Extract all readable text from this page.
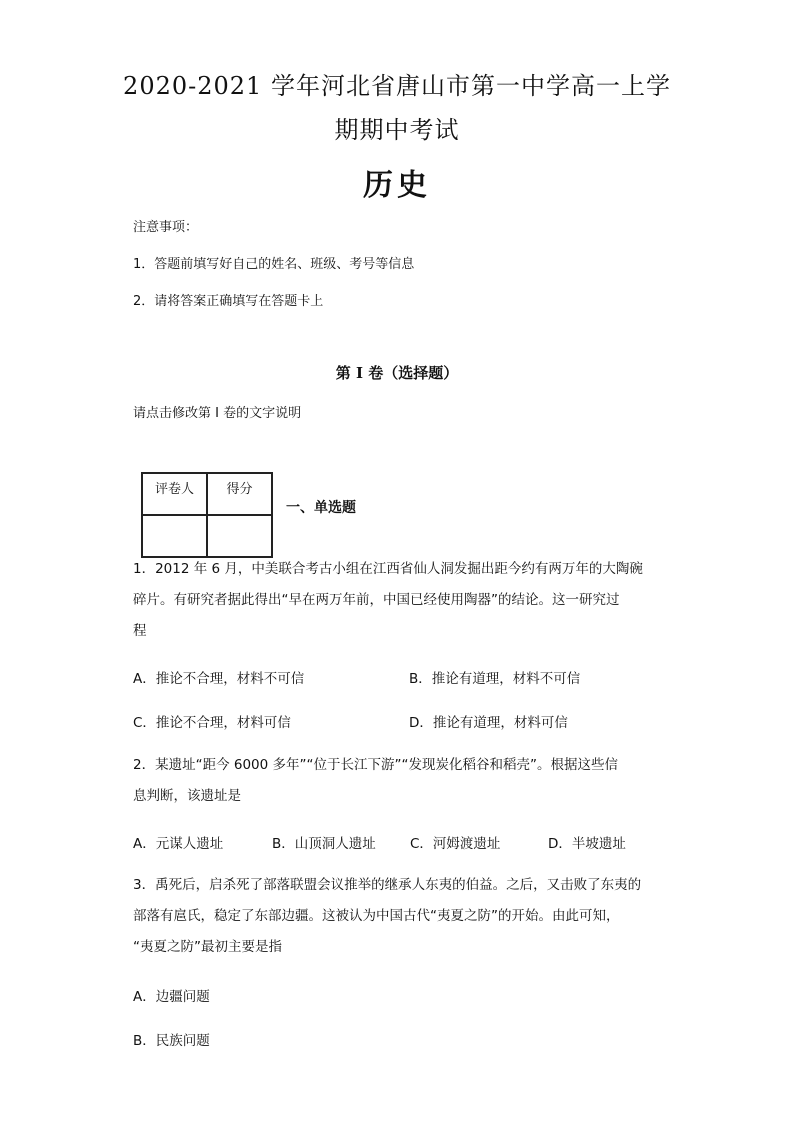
2020-2021 学年河北省唐山市第一中学高一上学
期期中考试
历史
注意事项：
1．答题前填写好自己的姓名、班级、考号等信息
2．请将答案正确填写在答题卡上
第 I 卷（选择题）
请点击修改第 I 卷的文字说明
评卷人	得分

一、单选题
1．2012 年 6 月，中美联合考古小组在江西省仙人洞发掘出距今约有两万年的大陶碗
碎片。有研究者据此得出“早在两万年前，中国已经使用陶器”的结论。这一研究过
程
A．推论不合理，材料不可信	B．推论有道理，材料不可信
C．推论不合理，材料可信	D．推论有道理，材料可信
2．某遗址“距今 6000 多年”“位于长江下游”“发现炭化稻谷和稻壳”。根据这些信
息判断，该遗址是
A．元谋人遗址	B．山顶洞人遗址	C．河姆渡遗址	D．半坡遗址
3．禹死后，启杀死了部落联盟会议推举的继承人东夷的伯益。之后，又击败了东夷的
部落有扈氏，稳定了东部边疆。这被认为中国古代“夷夏之防”的开始。由此可知，
“夷夏之防”最初主要是指
A．边疆问题
B．民族问题
